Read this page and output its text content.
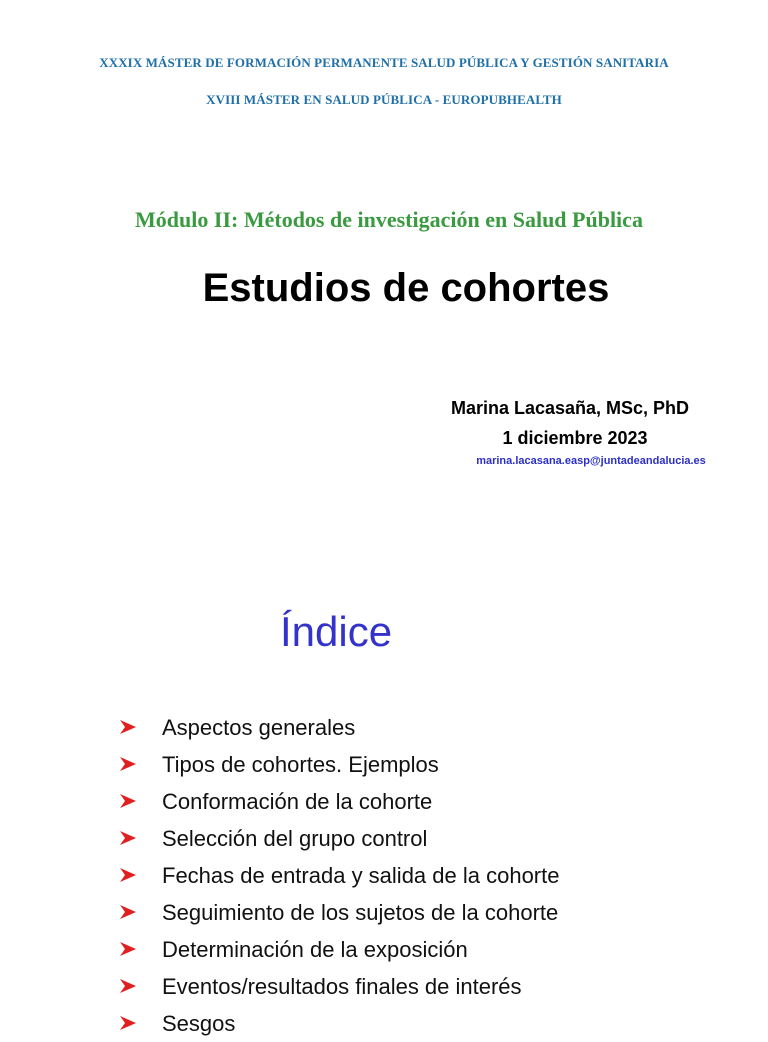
XXXIX MÁSTER DE FORMACIÓN PERMANENTE SALUD PÚBLICA Y GESTIÓN SANITARIA
XVIII MÁSTER EN SALUD PÚBLICA - EUROPUBHEALTH
Módulo II: Métodos de investigación en Salud Pública
Estudios de cohortes
Marina Lacasaña, MSc, PhD
1 diciembre 2023
marina.lacasana.easp@juntadeandalucia.es
Índice
Aspectos generales
Tipos de cohortes. Ejemplos
Conformación de la cohorte
Selección del grupo control
Fechas de entrada y salida de la cohorte
Seguimiento de los sujetos de la cohorte
Determinación de la exposición
Eventos/resultados finales de interés
Sesgos
